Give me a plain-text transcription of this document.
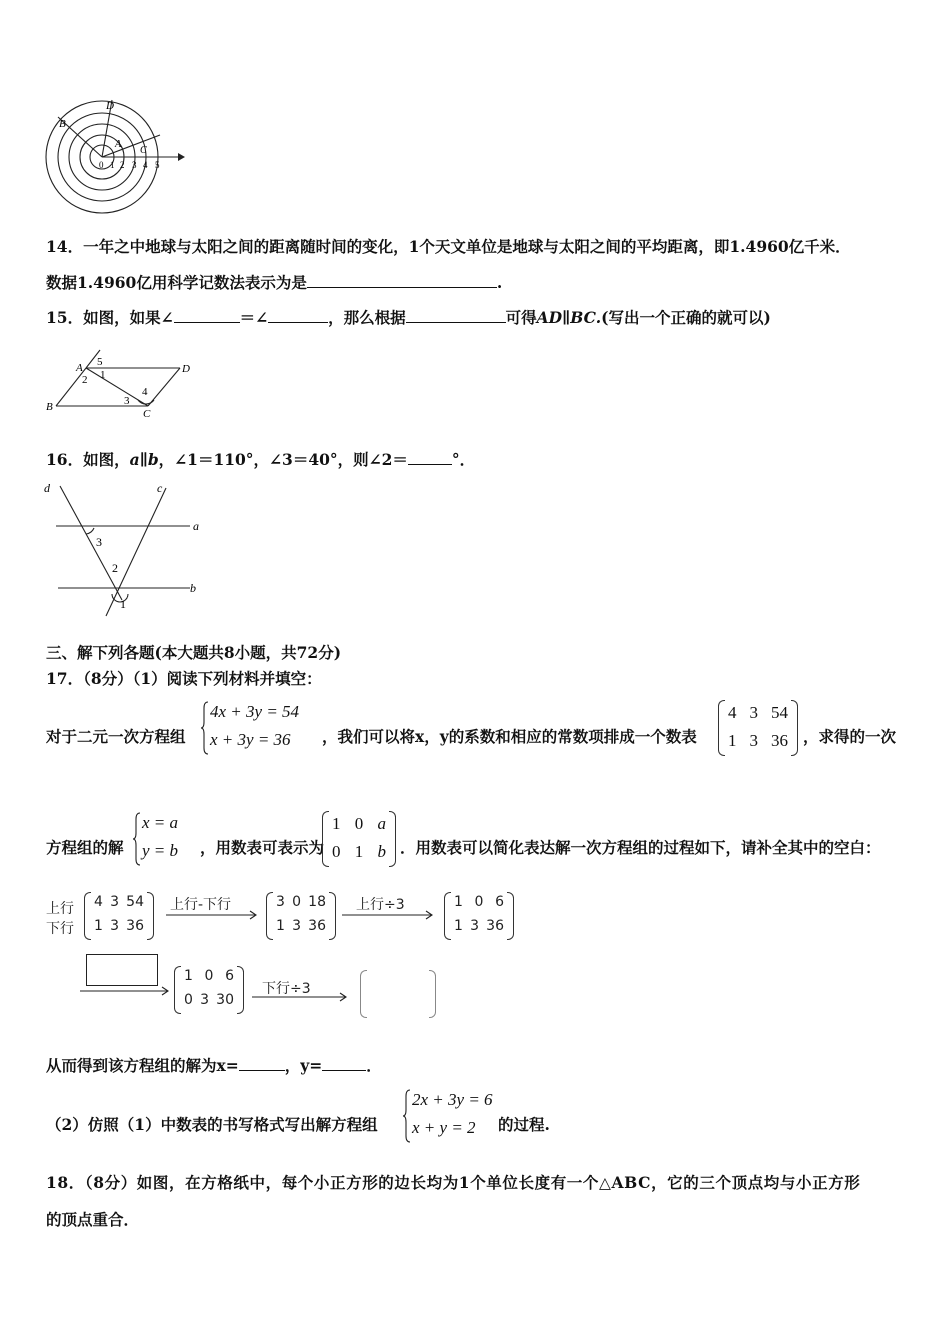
D
B
A
C
0 1 2 3 4 5
14．一年之中地球与太阳之间的距离随时间的变化，1个天文单位是地球与太阳之间的平均距离，即1.4960亿千米．
数据1.4960亿用科学记数法表示为是	.
15．如图，如果∠	＝∠	，那么根据	可得AD∥BC.(写出一个正确的就可以)
A 5
D
2 1
4
B	3
C
16．如图，a∥b，∠1＝110°，∠3＝40°，则∠2＝	°．
d	c
a
3
2
b
1
三、解下列各题(本大题共8小题，共72分)
17．（8分）（1）阅读下列材料并填空：
对于二元一次方程组
4x + 3y = 54
x + 3y = 36 ，我们可以将x，y的系数和相应的常数项排成一个数表
4 3 54
1 3 36 ，求得的一次
方程组的解
x = a
y = b ，用数表可表示为
1 0 a
0 1 b ．用数表可以简化表达解一次方程组的过程如下，请补全其中的空白：
上行
下行
4 3 54
1 3 36
上行-下行	3 0 18
1 3 36
上行÷3	1 0 6
1 3 36
1 0 6
0 3 30
下行÷3
从而得到该方程组的解为x=	，y=	．
（2）仿照（1）中数表的书写格式写出解方程组
2x + 3y = 6
x + y = 2 的过程.
18．（8分）如图，在方格纸中，每个小正方形的边长均为1个单位长度有一个△ABC，它的三个顶点均与小正方形
的顶点重合．
